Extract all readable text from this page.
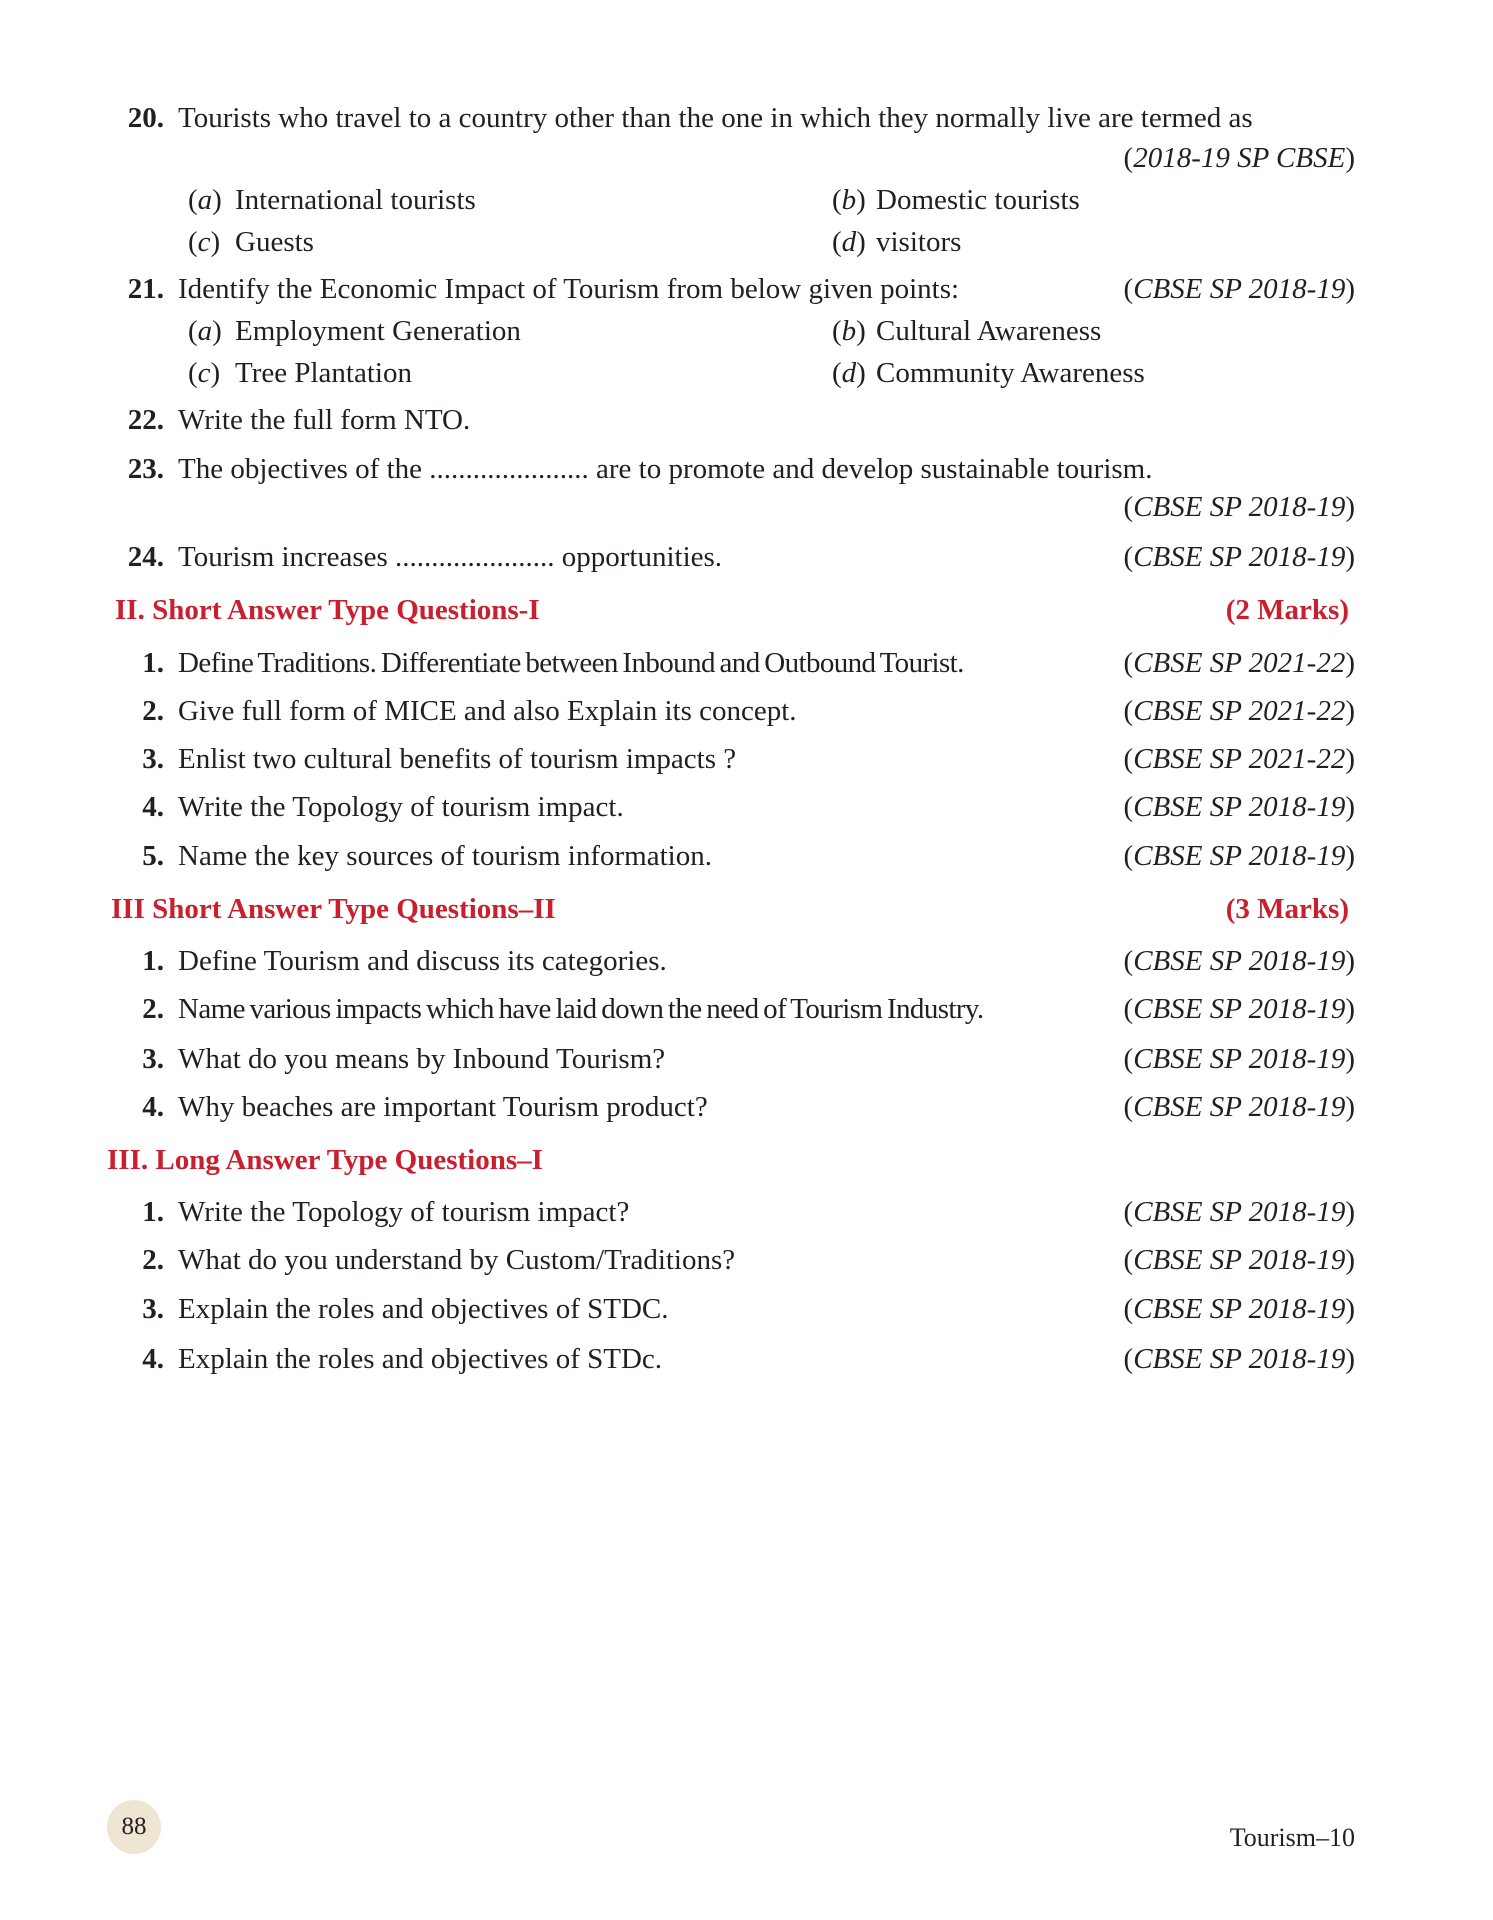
88	Tourism–10
20. Tourists who travel to a country other than the one in which they normally live are termed as
(2018-19 SP CBSE)
(a) International tourists	(b) Domestic tourists
(c) Guests	(d) visitors
21. Identify the Economic Impact of Tourism from below given points:	(CBSE SP 2018-19)
(a) Employment Generation	(b) Cultural Awareness
(c) Tree Plantation	(d) Community Awareness
22. Write the full form NTO.
23. The objectives of the ...................... are to promote and develop sustainable tourism.
(CBSE SP 2018-19)
24. Tourism increases ...................... opportunities.	(CBSE SP 2018-19)
II. Short Answer Type Questions-I	(2 Marks)
1. Define Traditions. Differentiate between Inbound and Outbound Tourist.	(CBSE SP 2021-22)
2. Give full form of MICE and also Explain its concept.	(CBSE SP 2021-22)
3. Enlist two cultural benefits of tourism impacts ?	(CBSE SP 2021-22)
4. Write the Topology of tourism impact.	(CBSE SP 2018-19)
5. Name the key sources of tourism information.	(CBSE SP 2018-19)
III Short Answer Type Questions–II	(3 Marks)
1. Define Tourism and discuss its categories.	(CBSE SP 2018-19)
2. Name various impacts which have laid down the need of Tourism Industry.	(CBSE SP 2018-19)
3. What do you means by Inbound Tourism?	(CBSE SP 2018-19)
4. Why beaches are important Tourism product?	(CBSE SP 2018-19)
III. Long Answer Type Questions–I
1. Write the Topology of tourism impact?	(CBSE SP 2018-19)
2. What do you understand by Custom/Traditions?	(CBSE SP 2018-19)
3. Explain the roles and objectives of STDC.	(CBSE SP 2018-19)
4. Explain the roles and objectives of STDc.	(CBSE SP 2018-19)
